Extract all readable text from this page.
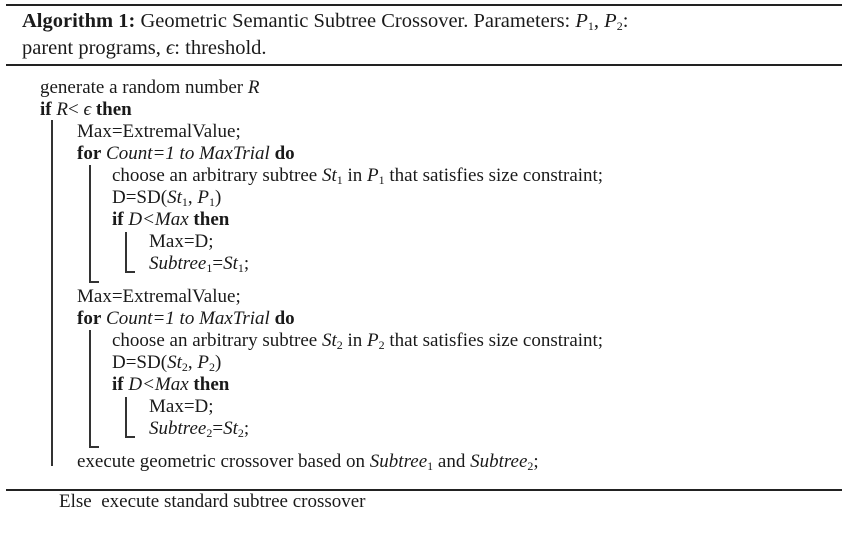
Algorithm 1: Geometric Semantic Subtree Crossover. Parameters: $P_1$, $P_2$:
parent programs, ϵ: threshold.
generate a random number R
if R< ϵ then
Max=ExtremalValue;
for Count=1 to MaxTrial do
choose an arbitrary subtree $St_1$ in $P_1$ that satisfies size constraint;
$D=SD(St_1$, $P_1$)
if D<Max then
Max=D;
$Subtree_1=St_1$;
Max=ExtremalValue;
for Count=1 to MaxTrial do
choose an arbitrary subtree $St_2$ in $P_2$ that satisfies size constraint;
$D=SD(St_2$, $P_2$)
if D<Max then
Max=D;
$Subtree_2=St_2$;
execute geometric crossover based on Subtree$_1$ and Subtree$_2$;

Else  execute standard subtree crossover
